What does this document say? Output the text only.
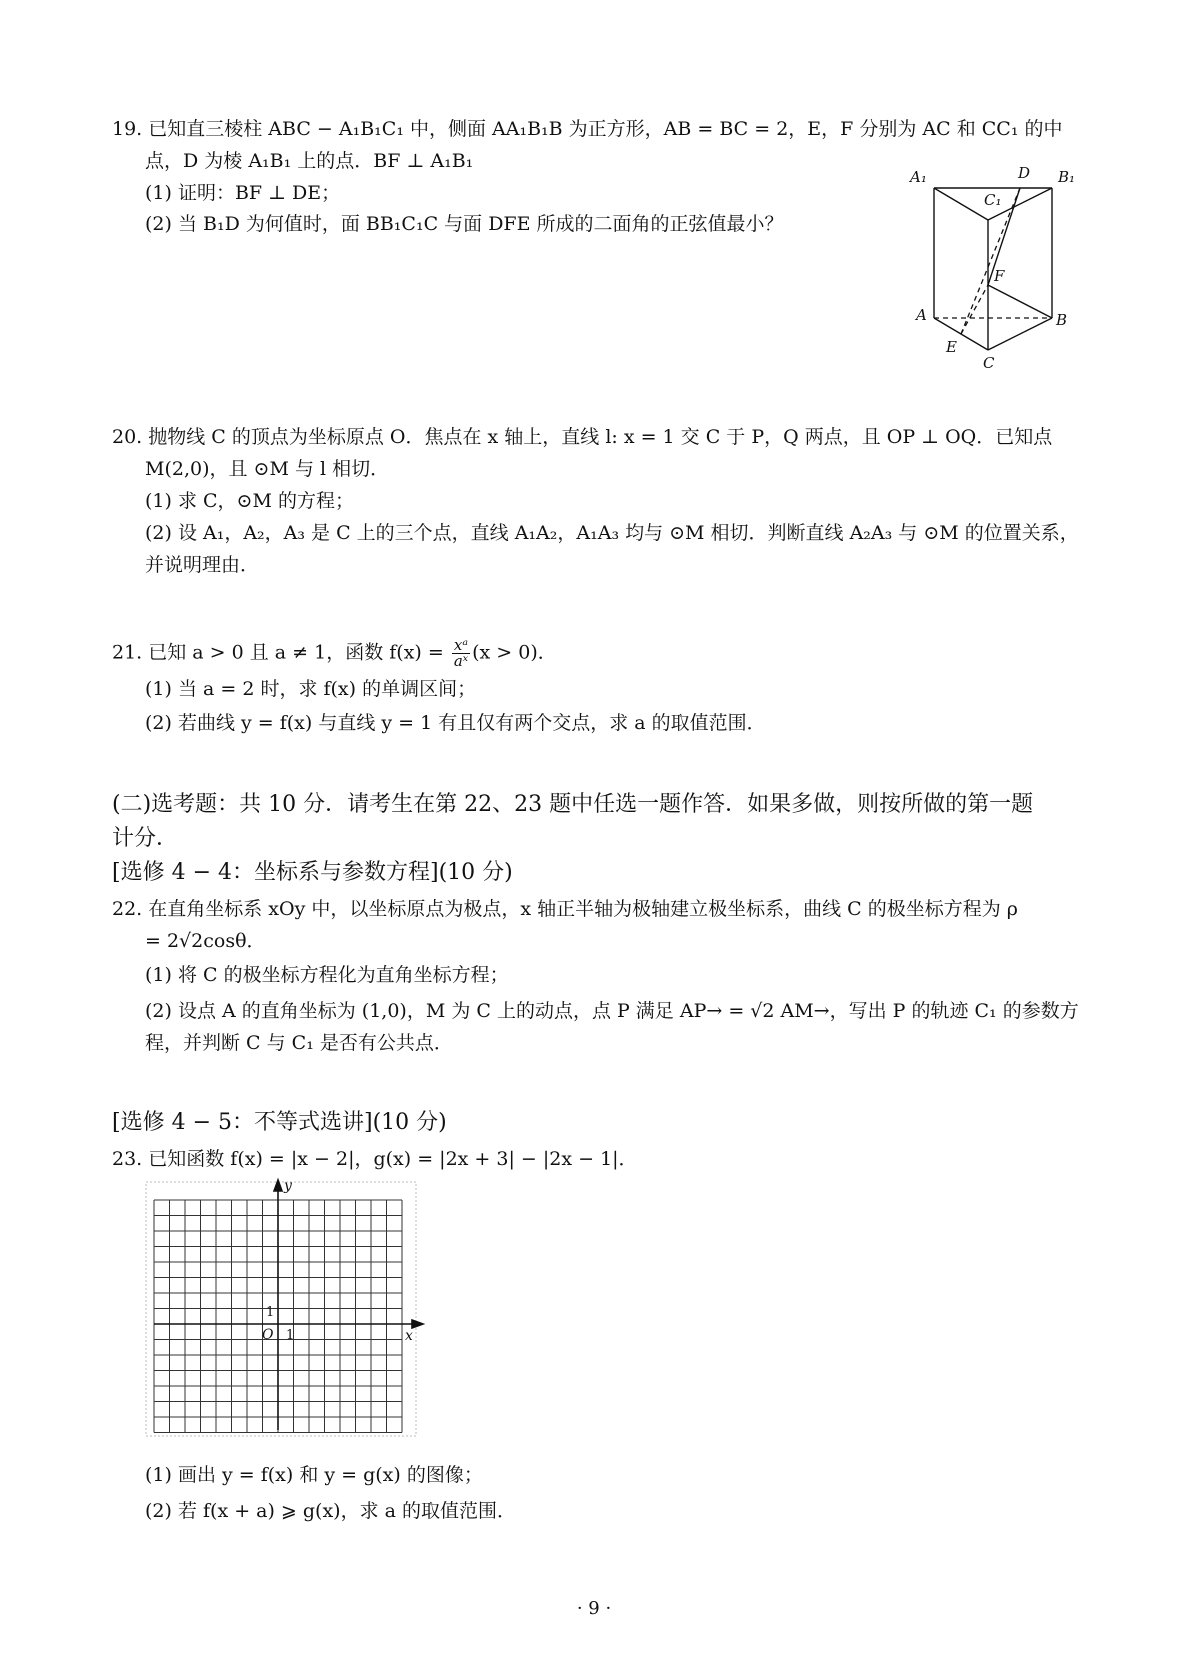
19. 已知直三棱柱 ABC − A₁B₁C₁ 中，侧面 AA₁B₁B 为正方形，AB = BC = 2，E，F 分别为 AC 和 CC₁ 的中
点，D 为棱 A₁B₁ 上的点．BF ⊥ A₁B₁
(1) 证明：BF ⊥ DE；
(2) 当 B₁D 为何值时，面 BB₁C₁C 与面 DFE 所成的二面角的正弦值最小？
A₁	B₁
C₁
D
F
A	B
E
C
20. 抛物线 C 的顶点为坐标原点 O．焦点在 x 轴上，直线 l: x = 1 交 C 于 P，Q 两点，且 OP ⊥ OQ．已知点
M(2,0)，且 ⊙M 与 l 相切．
(1) 求 C，⊙M 的方程；
(2) 设 A₁，A₂，A₃ 是 C 上的三个点，直线 A₁A₂，A₁A₃ 均与 ⊙M 相切．判断直线 A₂A₃ 与 ⊙M 的位置关系，
并说明理由．
21. 已知 a > 0 且 a ≠ 1，函数 $f(x) = \frac{\text{xᵃ}}{\text{aˣ}} (x > 0)$．
(1) 当 a = 2 时，求 f(x) 的单调区间；
(2) 若曲线 y = f(x) 与直线 y = 1 有且仅有两个交点，求 a 的取值范围．
(二)选考题：共 10 分．请考生在第 22、23 题中任选一题作答．如果多做，则按所做的第一题
计分．
[选修 4 − 4：坐标系与参数方程](10 分)
22. 在直角坐标系 xOy 中，以坐标原点为极点，x 轴正半轴为极轴建立极坐标系，曲线 C 的极坐标方程为 ρ
= 2√2cosθ．
(1) 将 C 的极坐标方程化为直角坐标方程；
(2) 设点 A 的直角坐标为 (1,0)，M 为 C 上的动点，点 P 满足 AP→ = √2 AM→，写出 P 的轨迹 C₁ 的参数方
程，并判断 C 与 C₁ 是否有公共点．
[选修 4 − 5：不等式选讲](10 分)
23. 已知函数 f(x) = |x − 2|，g(x) = |2x + 3| − |2x − 1|．
y
x
O 1
1
(1) 画出 y = f(x) 和 y = g(x) 的图像；
(2) 若 f(x + a) ⩾ g(x)，求 a 的取值范围．
· 9 ·
